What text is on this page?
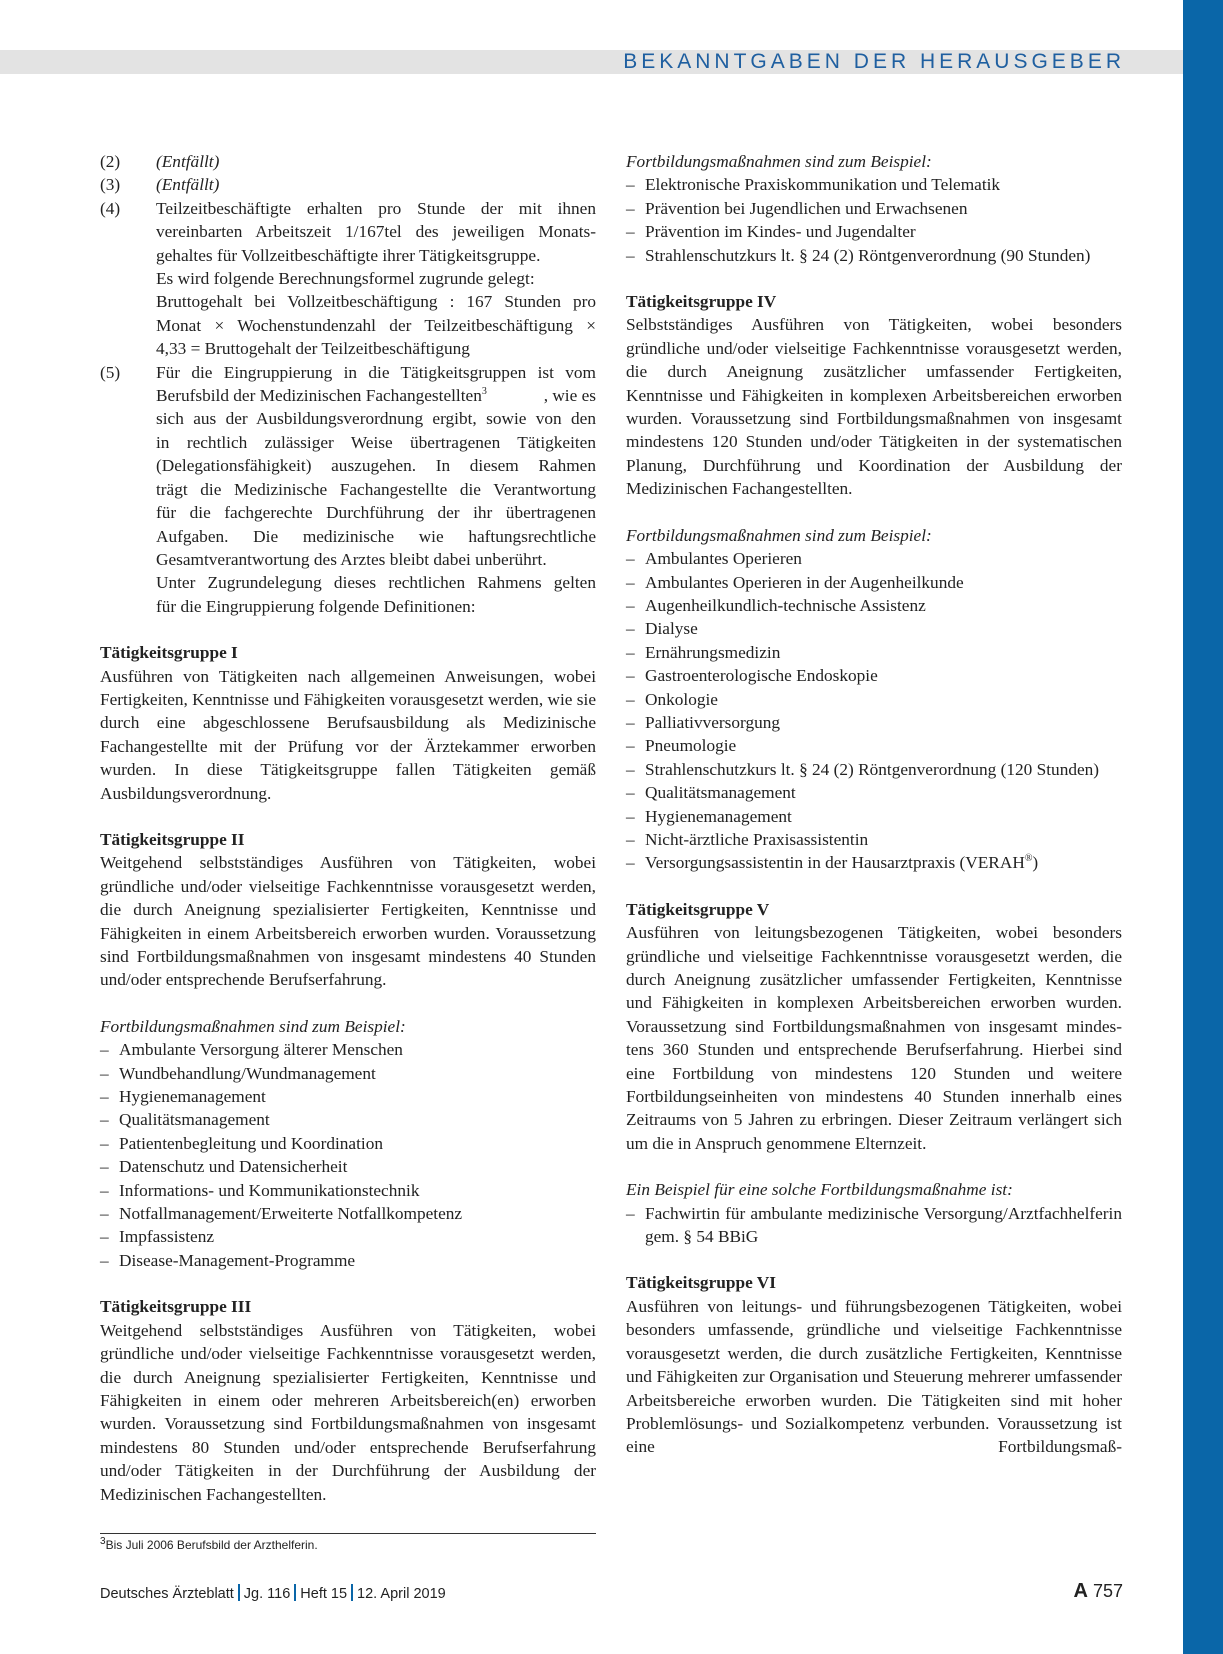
BEKANNTGABEN DER HERAUSGEBER
(2)	(Entfällt)
(3)	(Entfällt)
(4)	Teilzeitbeschäftigte erhalten pro Stunde der mit ihnen
vereinbarten Arbeitszeit 1/167tel des jeweiligen Monats-
gehaltes für Vollzeitbeschäftigte ihrer Tätigkeitsgruppe.
Es wird folgende Berechnungsformel zugrunde gelegt:
Bruttogehalt bei Vollzeitbeschäftigung : 167 Stunden pro
Monat × Wochenstundenzahl der Teilzeitbeschäftigung ×
4,33 = Bruttogehalt der Teilzeitbeschäftigung
(5)	Für die Eingruppierung in die Tätigkeitsgruppen ist vom
Berufsbild der Medizinischen Fachangestellten$^3$	, wie es
sich aus der Ausbildungsverordnung ergibt, sowie von den
in rechtlich zulässiger Weise übertragenen Tätigkeiten
(Delegationsfähigkeit) auszugehen. In diesem Rahmen
trägt die Medizinische Fachangestellte die Verantwortung
für die fachgerechte Durchführung der ihr übertragenen
Aufgaben. Die medizinische wie haftungsrechtliche
Gesamtverantwortung des Arztes bleibt dabei unberührt.
Unter Zugrundelegung dieses rechtlichen Rahmens gelten
für die Eingruppierung folgende Definitionen:
Tätigkeitsgruppe I

Ausführen von Tätigkeiten nach allgemeinen Anweisungen, wobei Fertigkeiten, Kenntnisse und Fähigkeiten vorausgesetzt werden, wie sie durch eine abgeschlossene Berufsausbildung als Medizinische Fachangestellte mit der Prüfung vor der Ärztekammer erworben wurden. In diese Tätigkeitsgruppe fallen Tätigkeiten gemäß Ausbildungsverordnung.

Tätigkeitsgruppe II

Weitgehend selbstständiges Ausführen von Tätigkeiten, wobei gründliche und/oder vielseitige Fachkenntnisse vorausgesetzt werden, die durch Aneignung spezialisierter Fertigkeiten, Kenntnisse und Fähigkeiten in einem Arbeitsbereich erworben wurden. Voraussetzung sind Fortbildungsmaßnahmen von insgesamt mindestens 40 Stunden und/oder entsprechende Berufserfahrung.

Fortbildungsmaßnahmen sind zum Beispiel:
– Ambulante Versorgung älterer Menschen
– Wundbehandlung/Wundmanagement
– Hygienemanagement
– Qualitätsmanagement
– Patientenbegleitung und Koordination
– Datenschutz und Datensicherheit
– Informations- und Kommunikationstechnik
– Notfallmanagement/Erweiterte Notfallkompetenz
– Impfassistenz
– Disease-Management-Programme
Tätigkeitsgruppe III

Weitgehend selbstständiges Ausführen von Tätigkeiten, wobei gründliche und/oder vielseitige Fachkenntnisse vorausgesetzt werden, die durch Aneignung spezialisierter Fertigkeiten, Kenntnisse und Fähigkeiten in einem oder mehreren Arbeitsbereich(en) erworben wurden. Voraussetzung sind Fortbildungsmaßnahmen von insgesamt mindestens 80 Stunden und/oder entsprechende Berufserfahrung und/oder Tätigkeiten in der Durchführung der Ausbildung der Medizinischen Fachangestellten.

$^3$Bis Juli 2006 Berufsbild der Arzthelferin.
Fortbildungsmaßnahmen sind zum Beispiel:
– Elektronische Praxiskommunikation und Telematik
– Prävention bei Jugendlichen und Erwachsenen
– Prävention im Kindes- und Jugendalter
– Strahlenschutzkurs lt. § 24 (2) Röntgenverordnung (90 Stunden)
Tätigkeitsgruppe IV

Selbstständiges Ausführen von Tätigkeiten, wobei besonders gründliche und/oder vielseitige Fachkenntnisse vorausgesetzt werden, die durch Aneignung zusätzlicher umfassender Fertigkeiten, Kenntnisse und Fähigkeiten in komplexen Arbeitsbereichen erworben wurden. Voraussetzung sind Fortbildungsmaßnahmen von insgesamt mindestens 120 Stunden und/oder Tätigkeiten in der systematischen Planung, Durchführung und Koordination der Ausbildung der Medizinischen Fachangestellten.

Fortbildungsmaßnahmen sind zum Beispiel:
– Ambulantes Operieren
– Ambulantes Operieren in der Augenheilkunde
– Augenheilkundlich-technische Assistenz
– Dialyse
– Ernährungsmedizin
– Gastroenterologische Endoskopie
– Onkologie
– Palliativversorgung
– Pneumologie
– Strahlenschutzkurs lt. § 24 (2) Röntgenverordnung (120 Stunden)
– Qualitätsmanagement
– Hygienemanagement
– Nicht-ärztliche Praxisassistentin
– Versorgungsassistentin in der Hausarztpraxis (VERAH®)
Tätigkeitsgruppe V

Ausführen von leitungsbezogenen Tätigkeiten, wobei besonders gründliche und vielseitige Fachkenntnisse vorausgesetzt werden, die durch Aneignung zusätzlicher umfassender Fertigkeiten, Kenntnisse und Fähigkeiten in komplexen Arbeitsbereichen erworben wurden. Voraussetzung sind Fortbildungsmaßnahmen von insgesamt mindestens 360 Stunden und entsprechende Berufserfahrung. Hierbei sind eine Fortbildung von mindestens 120 Stunden und weitere Fortbildungseinheiten von mindestens 40 Stunden innerhalb eines Zeitraums von 5 Jahren zu erbringen. Dieser Zeitraum verlängert sich um die in Anspruch genommene Elternzeit.

Ein Beispiel für eine solche Fortbildungsmaßnahme ist:
– Fachwirtin für ambulante medizinische Versorgung/Arztfachhelferin gem. § 54 BBiG
Tätigkeitsgruppe VI

Ausführen von leitungs- und führungsbezogenen Tätigkeiten, wobei besonders umfassende, gründliche und vielseitige Fachkenntnisse vorausgesetzt werden, die durch zusätzliche Fertigkeiten, Kenntnisse und Fähigkeiten zur Organisation und Steuerung mehrerer umfassender Arbeitsbereiche erworben wurden. Die Tätigkeiten sind mit hoher Problemlösungs- und Sozialkompetenz verbunden. Voraussetzung ist eine Fortbildungsmaß-

Deutsches Ärzteblatt Jg. 116 Heft 15 12. April 2019	A 757
